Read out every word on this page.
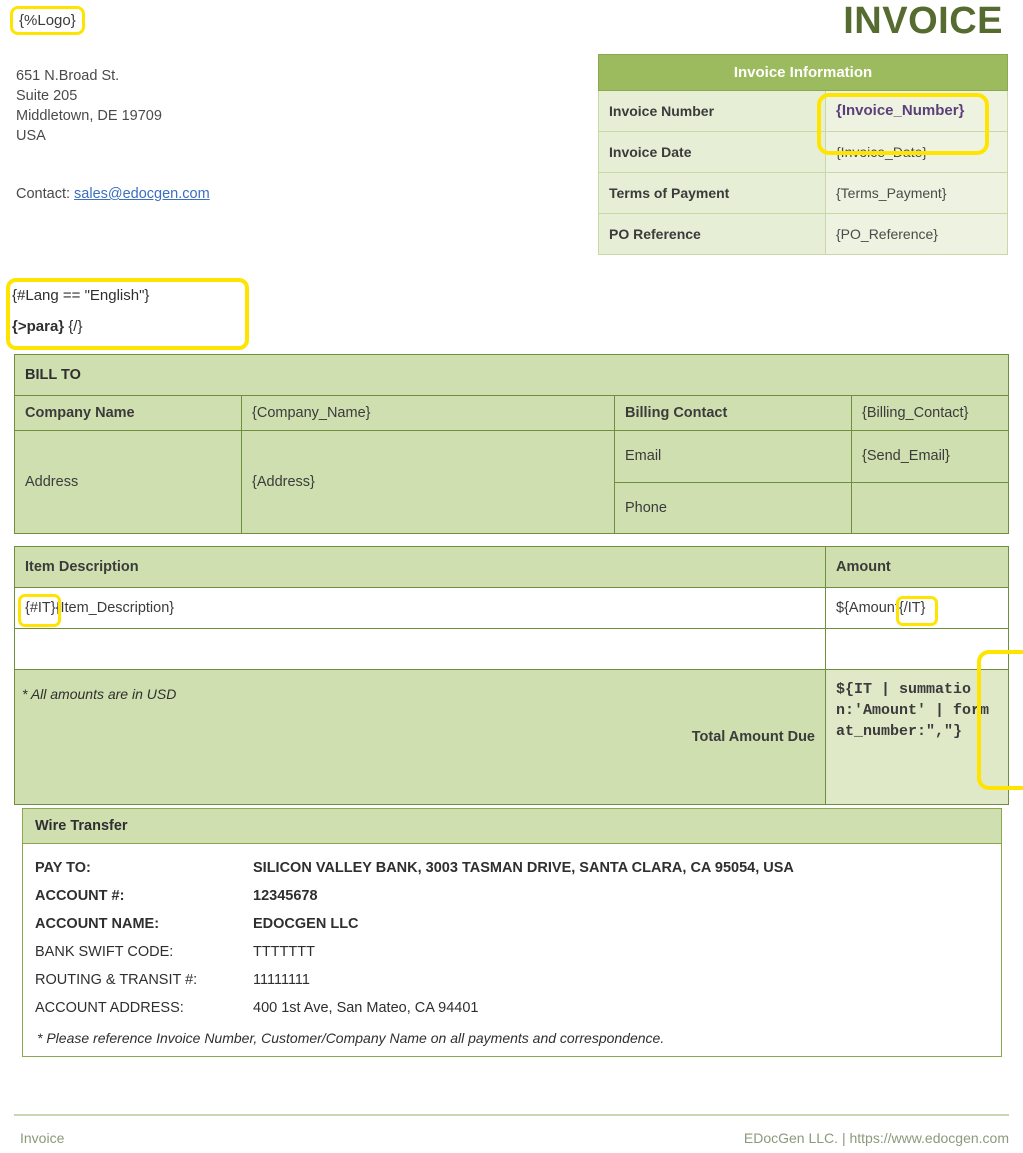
{%Logo}	INVOICE
651 N.Broad St.
Suite 205
Middletown, DE 19709
USA
Contact: sales@edocgen.com
Invoice Information	
Invoice Number	{Invoice_Number}
Invoice Date	{Invoice_Date}
Terms of Payment	{Terms_Payment}
PO Reference	{PO_Reference}
{#Lang == "English"}
{>para} {/}
BILL TO			
Company Name	{Company_Name}	Billing Contact	{Billing_Contact}
Address	{Address}	Email	{Send_Email}
		Phone	
Item Description	Amount
{#IT}{Item_Description}	${Amount{/IT}

Total Amount Due	${IT | summation:'Amount' | format_number:","}
* All amounts are in USD
Wire Transfer
PAY TO:	SILICON VALLEY BANK, 3003 TASMAN DRIVE, SANTA CLARA, CA 95054, USA
ACCOUNT #:	12345678
ACCOUNT NAME:	EDOCGEN LLC
BANK SWIFT CODE:	TTTTTTT
ROUTING & TRANSIT #:	11111111
ACCOUNT ADDRESS:	400 1st Ave, San Mateo, CA 94401
* Please reference Invoice Number, Customer/Company Name on all payments and correspondence.
Invoice	EDocGen LLC. | https://www.edocgen.com
